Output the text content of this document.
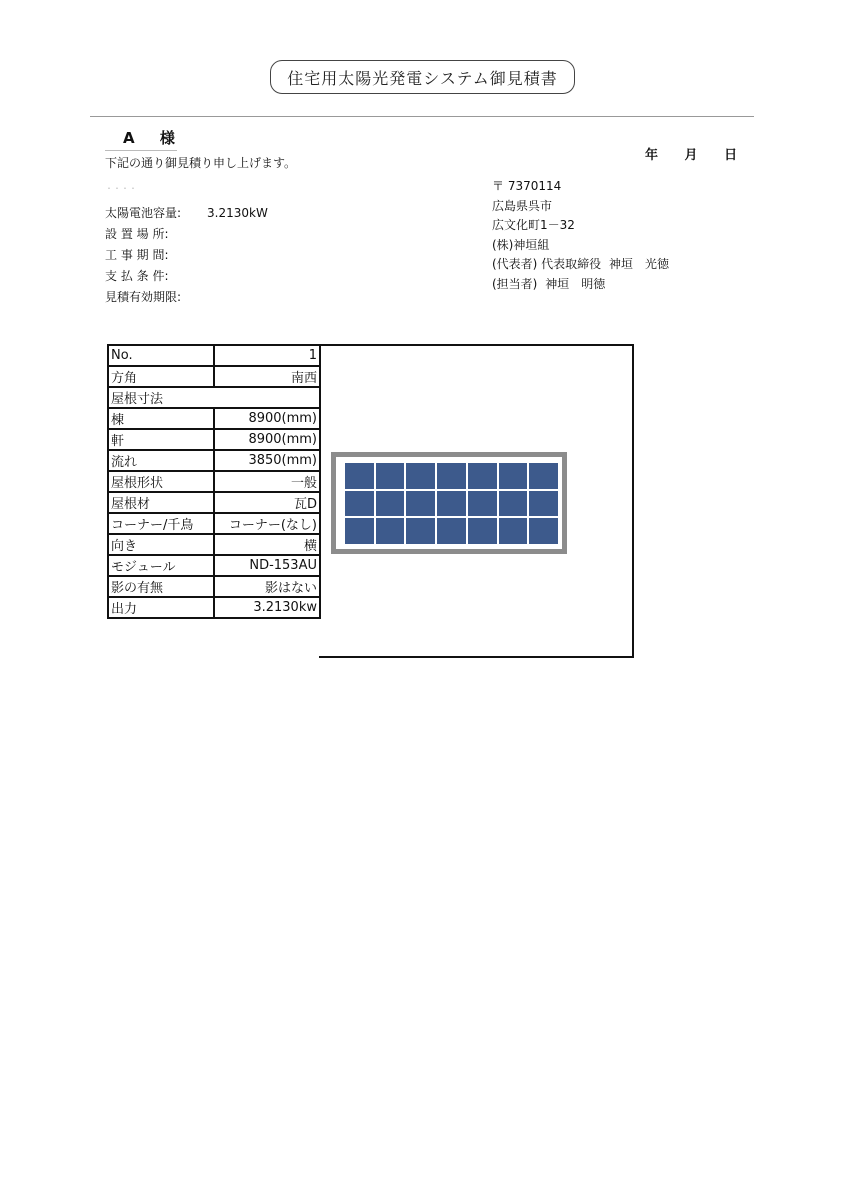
住宅用太陽光発電システム御見積書
A 様
下記の通り御見積り申し上げます。	年 月 日
・・・・
太陽電池容量: 3.2130kW
設 置 場 所:
工 事 期 間:
支 払 条 件:
見積有効期限:
〒 7370114
広島県呉市
広文化町1－32
(株)神垣組
(代表者) 代表取締役 神垣　光徳
(担当者) 神垣　明徳
No.	1
方角	南西
屋根寸法	
棟	8900(mm)
軒	8900(mm)
流れ	3850(mm)
屋根形状	一般
屋根材	瓦D
コーナー/千鳥	コーナー(なし)
向き	横
モジュール	ND-153AU
影の有無	影はない
出力	3.2130kw
